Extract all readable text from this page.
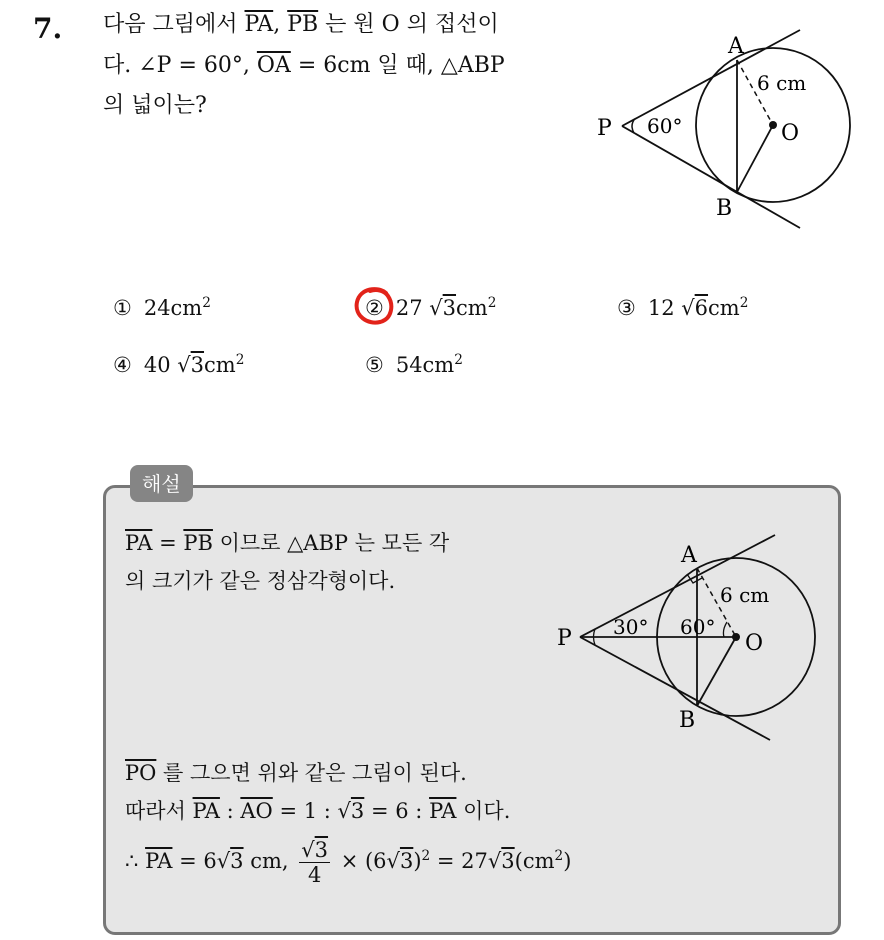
7. 다음 그림에서 $\overline{PA}$, $\overline{PB}$ 는 원 O 의 접선이
다. ∠P = 60°, $\overline{OA} = 6cm$ 일 때, △ABP
의 넓이는?
A
B
P	O
60°
6 cm
① $24cm^2$	② 27 $√3cm^2$	③ 12 $√6cm^2$
④ 40 $√3cm^2$	⑤ $54cm^2$
해설
$\overline{PA} = \overline{PB}$ 이므로 △ABP 는 모든 각
의 크기가 같은 정삼각형이다.
A
B
P	O
30° 60°
6 cm
$\overline{PO}$ 를 그으면 위와 같은 그림이 된다.
따라서 $\overline{PA}$ : $\overline{AO} = 1$ : √3 = 6 : $\overline{PA}$ 이다.
∴ $\overline{PA} = 6√3$ cm, $\frac{√3}{4} \times (6√3)^2 = 27√3(cm^2)$
